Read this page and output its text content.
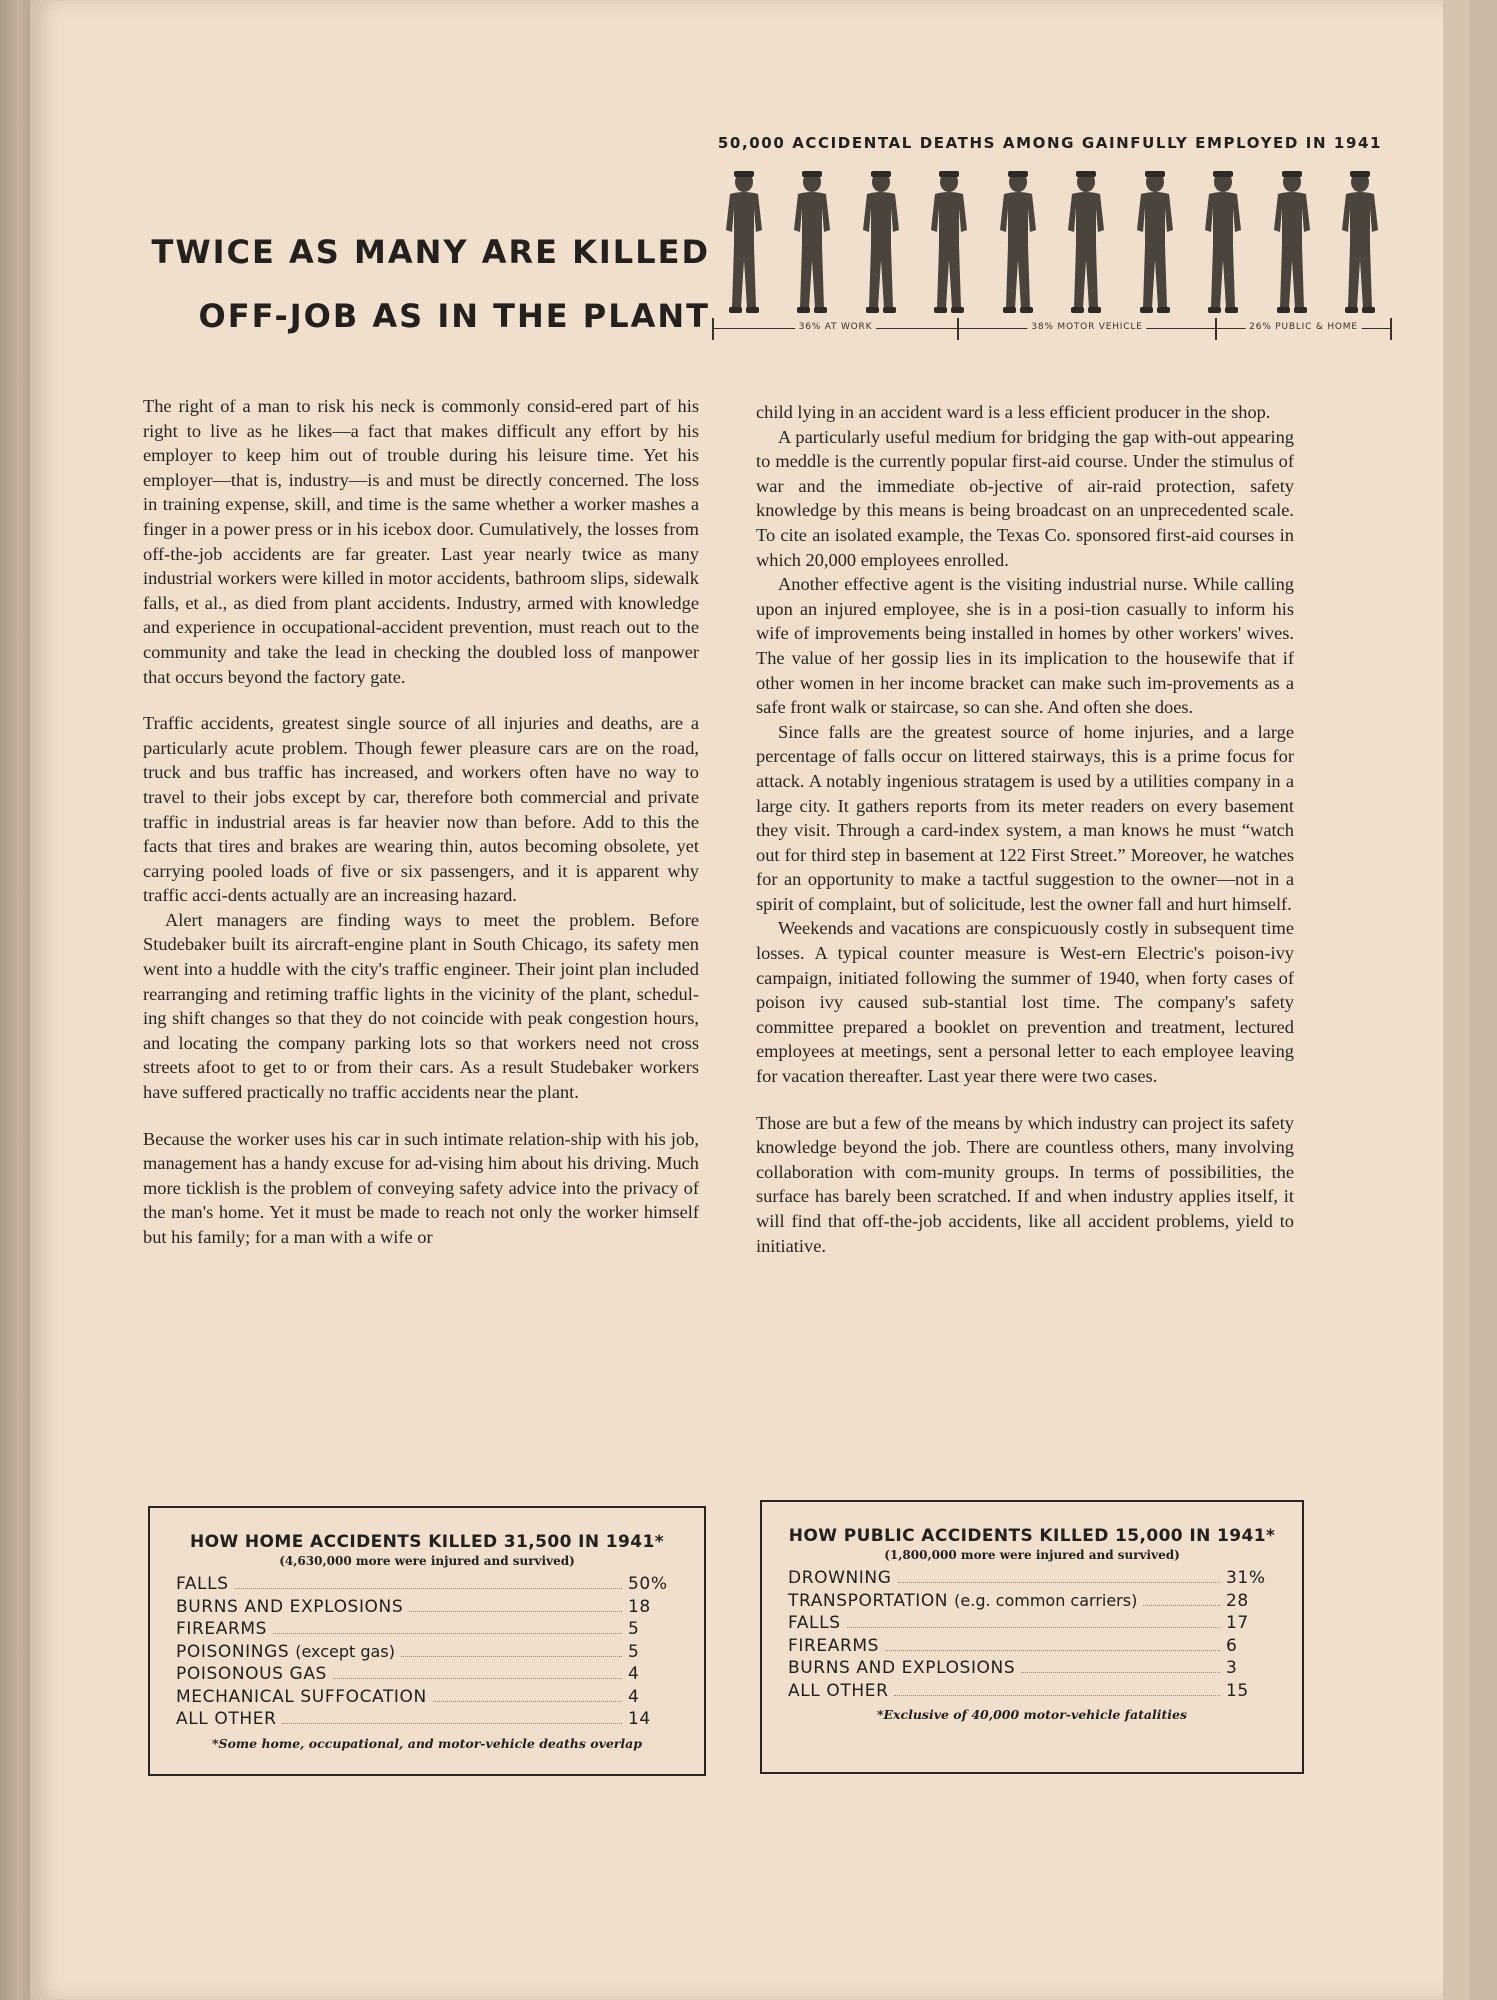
TWICE AS MANY ARE KILLED
OFF-JOB AS IN THE PLANT
50,000 ACCIDENTAL DEATHS AMONG GAINFULLY EMPLOYED IN 1941
36% AT WORK	38% MOTOR VEHICLE	26% PUBLIC & HOME

The right of a man to risk his neck is commonly consid-ered part of his right to live as he likes—a fact that makes difficult any effort by his employer to keep him out of trouble during his leisure time. Yet his employer—that is, industry—is and must be directly concerned. The loss in training expense, skill, and time is the same whether a worker mashes a finger in a power press or in his icebox door. Cumulatively, the losses from off-the-job accidents are far greater. Last year nearly twice as many industrial workers were killed in motor accidents, bathroom slips, sidewalk falls, et al., as died from plant accidents. Industry, armed with knowledge and experience in occupational-accident prevention, must reach out to the community and take the lead in checking the doubled loss of manpower that occurs beyond the factory gate.

Traffic accidents, greatest single source of all injuries and deaths, are a particularly acute problem. Though fewer pleasure cars are on the road, truck and bus traffic has increased, and workers often have no way to travel to their jobs except by car, therefore both commercial and private traffic in industrial areas is far heavier now than before. Add to this the facts that tires and brakes are wearing thin, autos becoming obsolete, yet carrying pooled loads of five or six passengers, and it is apparent why traffic acci-dents actually are an increasing hazard.

Alert managers are finding ways to meet the problem. Before Studebaker built its aircraft-engine plant in South Chicago, its safety men went into a huddle with the city's traffic engineer. Their joint plan included rearranging and retiming traffic lights in the vicinity of the plant, schedul-ing shift changes so that they do not coincide with peak congestion hours, and locating the company parking lots so that workers need not cross streets afoot to get to or from their cars. As a result Studebaker workers have suffered practically no traffic accidents near the plant.

Because the worker uses his car in such intimate relation-ship with his job, management has a handy excuse for ad-vising him about his driving. Much more ticklish is the problem of conveying safety advice into the privacy of the man's home. Yet it must be made to reach not only the worker himself but his family; for a man with a wife or

child lying in an accident ward is a less efficient producer in the shop.

A particularly useful medium for bridging the gap with-out appearing to meddle is the currently popular first-aid course. Under the stimulus of war and the immediate ob-jective of air-raid protection, safety knowledge by this means is being broadcast on an unprecedented scale. To cite an isolated example, the Texas Co. sponsored first-aid courses in which 20,000 employees enrolled.

Another effective agent is the visiting industrial nurse. While calling upon an injured employee, she is in a posi-tion casually to inform his wife of improvements being installed in homes by other workers' wives. The value of her gossip lies in its implication to the housewife that if other women in her income bracket can make such im-provements as a safe front walk or staircase, so can she. And often she does.

Since falls are the greatest source of home injuries, and a large percentage of falls occur on littered stairways, this is a prime focus for attack. A notably ingenious stratagem is used by a utilities company in a large city. It gathers reports from its meter readers on every basement they visit. Through a card-index system, a man knows he must “watch out for third step in basement at 122 First Street.” Moreover, he watches for an opportunity to make a tactful suggestion to the owner—not in a spirit of complaint, but of solicitude, lest the owner fall and hurt himself.

Weekends and vacations are conspicuously costly in subsequent time losses. A typical counter measure is West-ern Electric's poison-ivy campaign, initiated following the summer of 1940, when forty cases of poison ivy caused sub-stantial lost time. The company's safety committee prepared a booklet on prevention and treatment, lectured employees at meetings, sent a personal letter to each employee leaving for vacation thereafter. Last year there were two cases.

Those are but a few of the means by which industry can project its safety knowledge beyond the job. There are countless others, many involving collaboration with com-munity groups. In terms of possibilities, the surface has barely been scratched. If and when industry applies itself, it will find that off-the-job accidents, like all accident problems, yield to initiative.

HOW HOME ACCIDENTS KILLED 31,500 IN 1941*
(4,630,000 more were injured and survived)
FALLS	50%
BURNS AND EXPLOSIONS	18
FIREARMS	5
POISONINGS (except gas)	5
POISONOUS GAS	4
MECHANICAL SUFFOCATION	4
ALL OTHER	14
*Some home, occupational, and motor-vehicle deaths overlap
HOW PUBLIC ACCIDENTS KILLED 15,000 IN 1941*
(1,800,000 more were injured and survived)
DROWNING	31%
TRANSPORTATION (e.g. common carriers)	28
FALLS	17
FIREARMS	6
BURNS AND EXPLOSIONS	3
ALL OTHER	15
*Exclusive of 40,000 motor-vehicle fatalities
